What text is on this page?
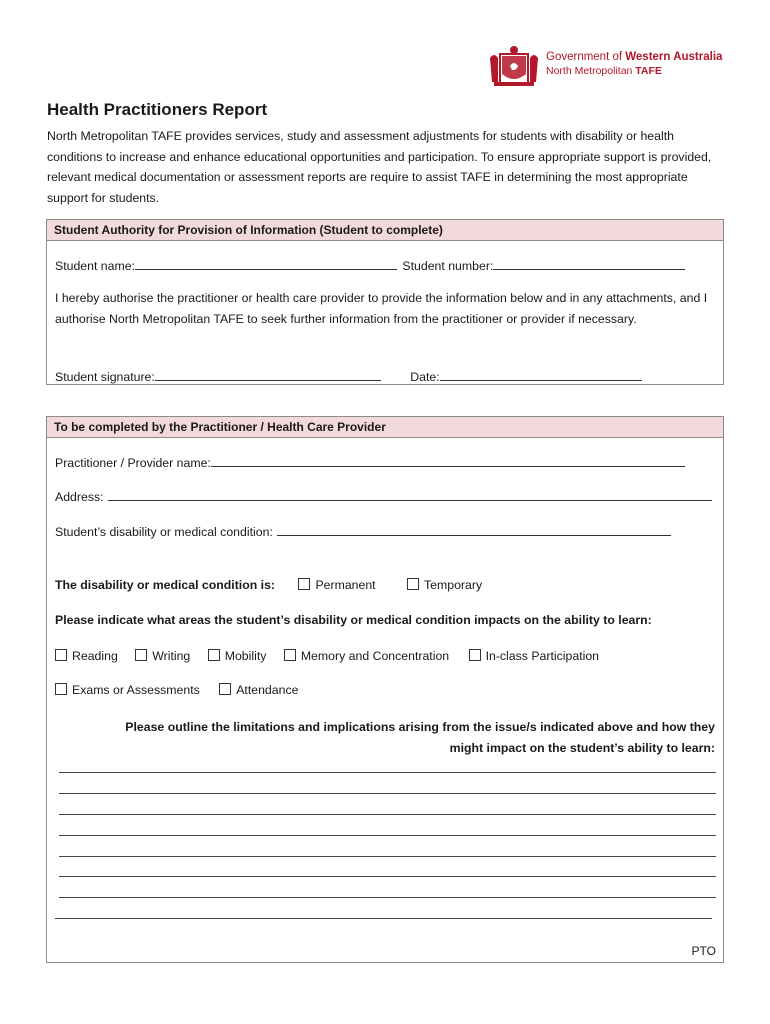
Government of Western Australia
North Metropolitan TAFE
Health Practitioners Report

North Metropolitan TAFE provides services, study and assessment adjustments for students with disability or health conditions to increase and enhance educational opportunities and participation. To ensure appropriate support is provided, relevant medical documentation or assessment reports are require to assist TAFE in determining the most appropriate support for students.

Student Authority for Provision of Information (Student to complete)
Student name:	Student number:

I hereby authorise the practitioner or health care provider to provide the information below and in any attachments, and I authorise North Metropolitan TAFE to seek further information from the practitioner or provider if necessary.

Student signature:	Date:
To be completed by the Practitioner / Health Care Provider
Practitioner / Provider name:
Address:
Student’s disability or medical condition:
The disability or medical condition is:	Permanent	Temporary
Please indicate what areas the student’s disability or medical condition impacts on the ability to learn:
Reading	Writing	Mobility	Memory and Concentration	In-class Participation
Exams or Assessments	Attendance
Please outline the limitations and implications arising from the issue/s indicated above and how they
might impact on the student’s ability to learn:
PTO
